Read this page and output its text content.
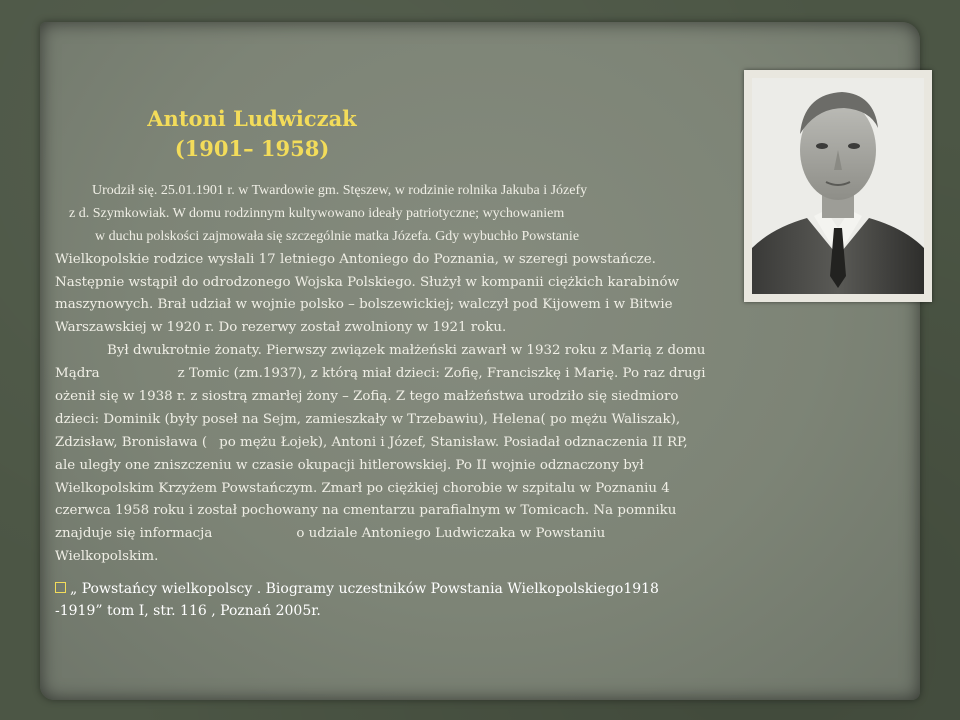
Antoni Ludwiczak
(1901– 1958)
Urodził się. 25.01.1901 r. w Twardowie gm. Stęszew, w rodzinie rolnika Jakuba i Józefy
z d. Szymkowiak. W domu rodzinnym kultywowano ideały patriotyczne; wychowaniem
w duchu polskości zajmowała się szczególnie matka Józefa. Gdy wybuchło Powstanie
Wielkopolskie rodzice wysłali 17 letniego Antoniego do Poznania, w szeregi powstańcze.
Następnie wstąpił do odrodzonego Wojska Polskiego. Służył w kompanii ciężkich karabinów
maszynowych. Brał udział w wojnie polsko – bolszewickiej; walczył pod Kijowem i w Bitwie
Warszawskiej w 1920 r. Do rezerwy został zwolniony w 1921 roku.
Był dwukrotnie żonaty. Pierwszy związek małżeński zawarł w 1932 roku z Marią z domu
Mądra	z Tomic (zm.1937), z którą miał dzieci: Zofię, Franciszkę i Marię. Po raz drugi
ożenił się w 1938 r. z siostrą zmarłej żony – Zofią. Z tego małżeństwa urodziło się siedmioro
dzieci: Dominik (były poseł na Sejm, zamieszkały w Trzebawiu), Helena( po mężu Waliszak),
Zdzisław, Bronisława ( po mężu Łojek), Antoni i Józef, Stanisław. Posiadał odznaczenia II RP,
ale uległy one zniszczeniu w czasie okupacji hitlerowskiej. Po II wojnie odznaczony był
Wielkopolskim Krzyżem Powstańczym. Zmarł po ciężkiej chorobie w szpitalu w Poznaniu 4
czerwca 1958 roku i został pochowany na cmentarzu parafialnym w Tomicach. Na pomniku
znajduje się informacja	o udziale Antoniego Ludwiczaka w Powstaniu
Wielkopolskim.
„ Powstańcy wielkopolscy . Biogramy uczestników Powstania Wielkopolskiego1918
-1919” tom I, str. 116 , Poznań 2005r.
